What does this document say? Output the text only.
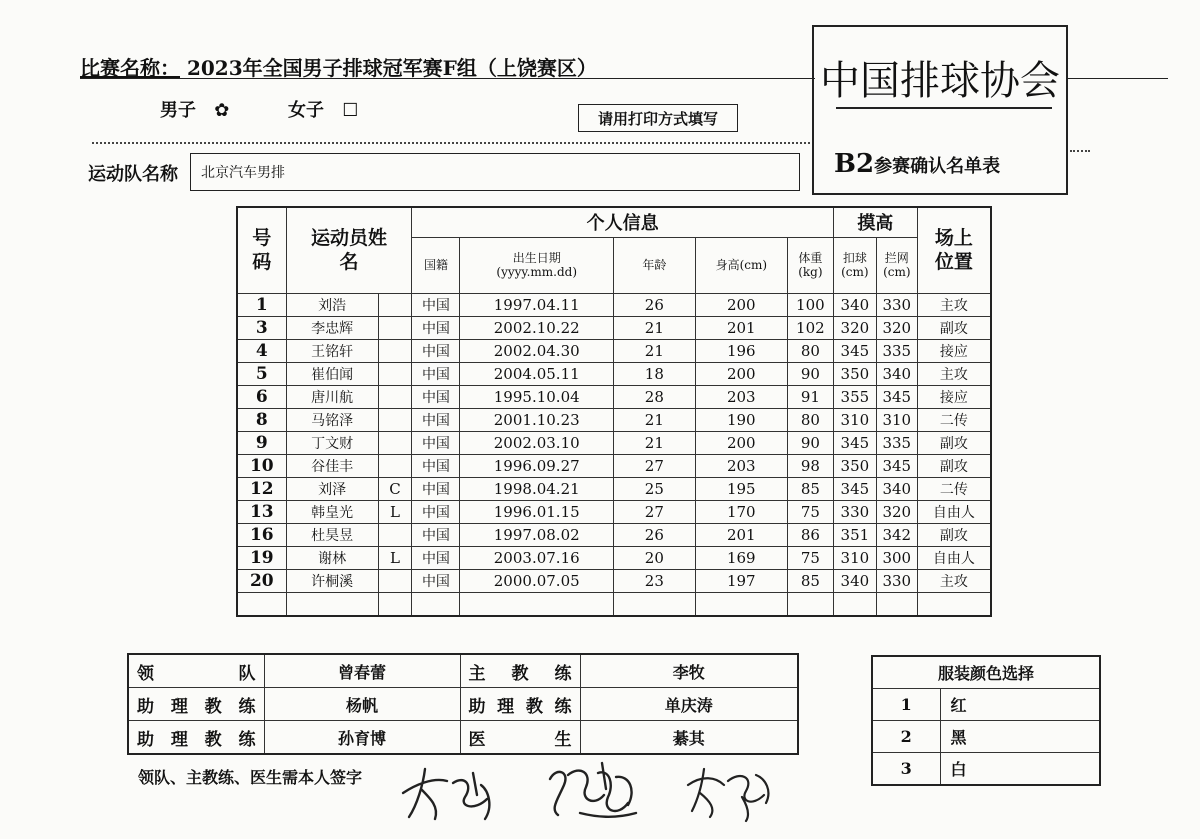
比赛名称： 2023年全国男子排球冠军赛F组（上饶赛区）
男子 ✿	女子 ☐	请用打印方式填写
运动队名称	北京汽车男排
中国排球协会
B2参赛确认名单表
号码	运动员姓 名		个人信息					摸高		场上位置
			国籍	出生日期(yyyy.mm.dd)	年龄	身高(cm)	体重(kg)	扣球(cm)	拦网(cm)	
1	刘浩		中国	1997.04.11	26	200	100	340	330	主攻
3	李忠辉		中国	2002.10.22	21	201	102	320	320	副攻
4	王铭轩		中国	2002.04.30	21	196	80	345	335	接应
5	崔伯闻		中国	2004.05.11	18	200	90	350	340	主攻
6	唐川航		中国	1995.10.04	28	203	91	355	345	接应
8	马铭泽		中国	2001.10.23	21	190	80	310	310	二传
9	丁文财		中国	2002.03.10	21	200	90	345	335	副攻
10	谷佳丰		中国	1996.09.27	27	203	98	350	345	副攻
12	刘泽	C	中国	1998.04.21	25	195	85	345	340	二传
13	韩皇光	L	中国	1996.01.15	27	170	75	330	320	自由人
16	杜昊昱		中国	1997.08.02	26	201	86	351	342	副攻
19	谢林	L	中国	2003.07.16	20	169	75	310	300	自由人
20	许桐溪		中国	2000.07.05	23	197	85	340	330	主攻

领队	曾春蕾	主教练	李牧
助理教练	杨帆	助理教练	单庆涛
助理教练	孙育博	医生	綦其
服装颜色选择	
1	红
2	黑
3	白
领队、主教练、医生需本人签字
